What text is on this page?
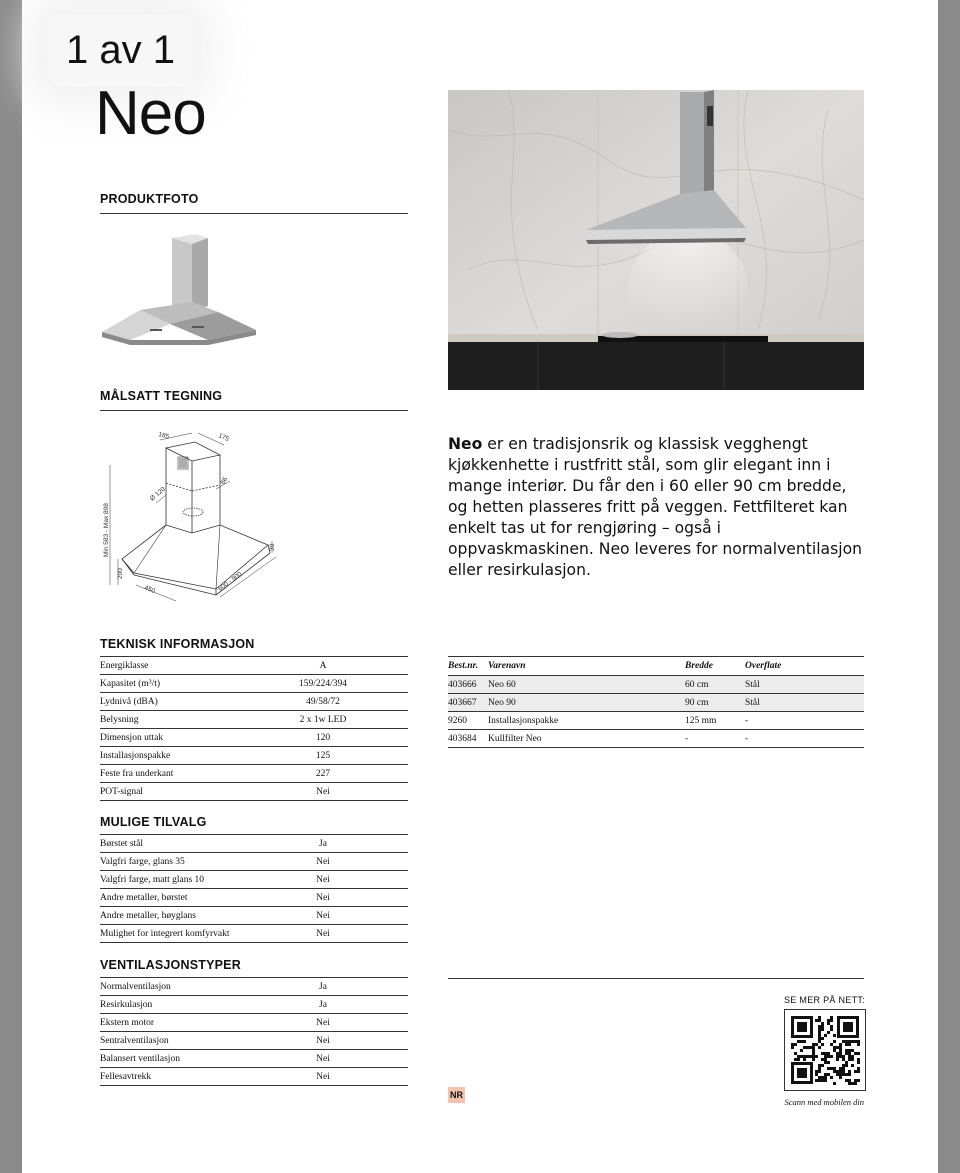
1 av 1
Neo
PRODUKTFOTO
MÅLSATT TEGNING
185	175
Ø 120
86
30
450	600 - 900
200
Min 583 - Max 898
Neo er en tradisjonsrik og klassisk vegghengt kjøkkenhette i rustfritt stål, som glir elegant inn i mange interiør. Du får den i 60 eller 90 cm bredde, og hetten plasseres fritt på veggen. Fettfilteret kan enkelt tas ut for rengjøring – også i oppvaskmaskinen. Neo leveres for normalventilasjon eller resirkulasjon.
TEKNISK INFORMASJON
Energiklasse	A
Kapasitet (m³/t)	159/224/394
Lydnivå (dBA)	49/58/72
Belysning	2 x 1w LED
Dimensjon uttak	120
Installasjonspakke	125
Feste fra underkant	227
POT-signal	Nei
MULIGE TILVALG
Børstet stål	Ja
Valgfri farge, glans 35	Nei
Valgfri farge, matt glans 10	Nei
Andre metaller, børstet	Nei
Andre metaller, høyglans	Nei
Mulighet for integrert komfyrvakt	Nei
VENTILASJONSTYPER
Normalventilasjon	Ja
Resirkulasjon	Ja
Ekstern motor	Nei
Sentralventilasjon	Nei
Balansert ventilasjon	Nei
Fellesavtrekk	Nei
Best.nr.	Varenavn	Bredde	Overflate
403666	Neo 60	60 cm	Stål
403667	Neo 90	90 cm	Stål
9260	Installasjonspakke	125 mm	-
403684	Kullfilter Neo	-	-
SE MER PÅ NETT:
Scann med mobilen din
NR
